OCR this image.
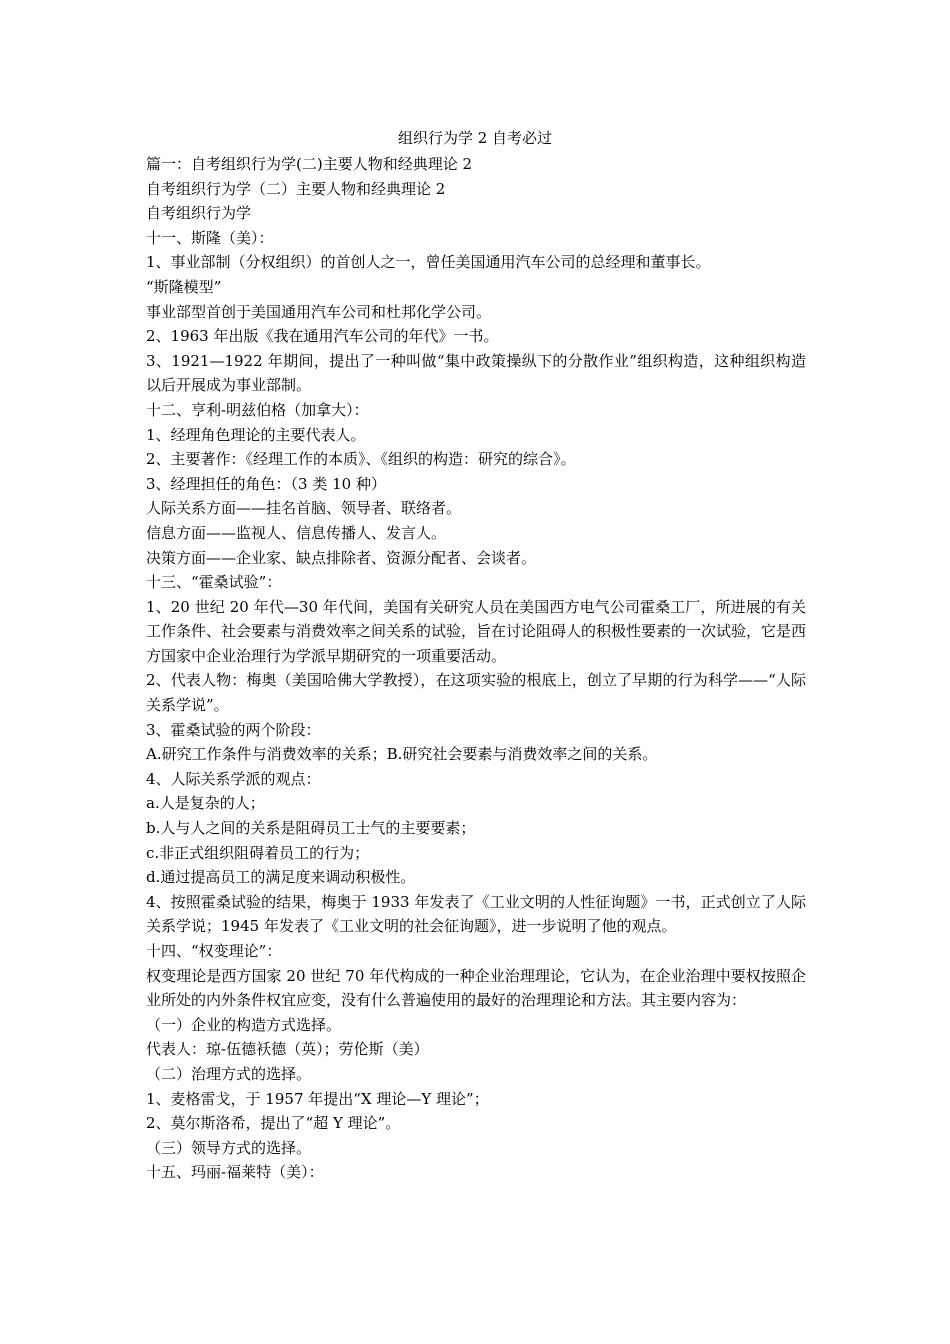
组织行为学 2 自考必过
篇一：自考组织行为学(二)主要人物和经典理论 2
自考组织行为学（二）主要人物和经典理论 2
自考组织行为学
十一、斯隆（美）：
1、事业部制（分权组织）的首创人之一，曾任美国通用汽车公司的总经理和董事长。
“斯隆模型”
事业部型首创于美国通用汽车公司和杜邦化学公司。
2、1963 年出版《我在通用汽车公司的年代》一书。

3、1921—1922 年期间，提出了一种叫做“集中政策操纵下的分散作业”组织构造，这种组织构造以后开展成为事业部制。

十二、亨利-明兹伯格（加拿大）：
1、经理角色理论的主要代表人。
2、主要著作：《经理工作的本质》、《组织的构造：研究的综合》。
3、经理担任的角色：（3 类 10 种）
人际关系方面——挂名首脑、领导者、联络者。
信息方面——监视人、信息传播人、发言人。
决策方面——企业家、缺点排除者、资源分配者、会谈者。
十三、“霍桑试验”：

1、20 世纪 20 年代—30 年代间，美国有关研究人员在美国西方电气公司霍桑工厂，所进展的有关工作条件、社会要素与消费效率之间关系的试验，旨在讨论阻碍人的积极性要素的一次试验，它是西方国家中企业治理行为学派早期研究的一项重要活动。

2、代表人物：梅奥（美国哈佛大学教授），在这项实验的根底上，创立了早期的行为科学——“人际关系学说”。

3、霍桑试验的两个阶段：
A.研究工作条件与消费效率的关系；B.研究社会要素与消费效率之间的关系。
4、人际关系学派的观点：
a.人是复杂的人；
b.人与人之间的关系是阻碍员工士气的主要要素；
c.非正式组织阻碍着员工的行为；
d.通过提高员工的满足度来调动积极性。

4、按照霍桑试验的结果，梅奥于 1933 年发表了《工业文明的人性征询题》一书，正式创立了人际关系学说；1945 年发表了《工业文明的社会征询题》，进一步说明了他的观点。

十四、“权变理论”：

权变理论是西方国家 20 世纪 70 年代构成的一种企业治理理论，它认为，在企业治理中要权按照企业所处的内外条件权宜应变，没有什么普遍使用的最好的治理理论和方法。其主要内容为：

（一）企业的构造方式选择。
代表人：琼-伍德袄德（英）；劳伦斯（美）
（二）治理方式的选择。
1、麦格雷戈，于 1957 年提出“X 理论—Y 理论”；
2、莫尔斯洛希，提出了“超 Y 理论”。
（三）领导方式的选择。
十五、玛丽-福莱特（美）：
